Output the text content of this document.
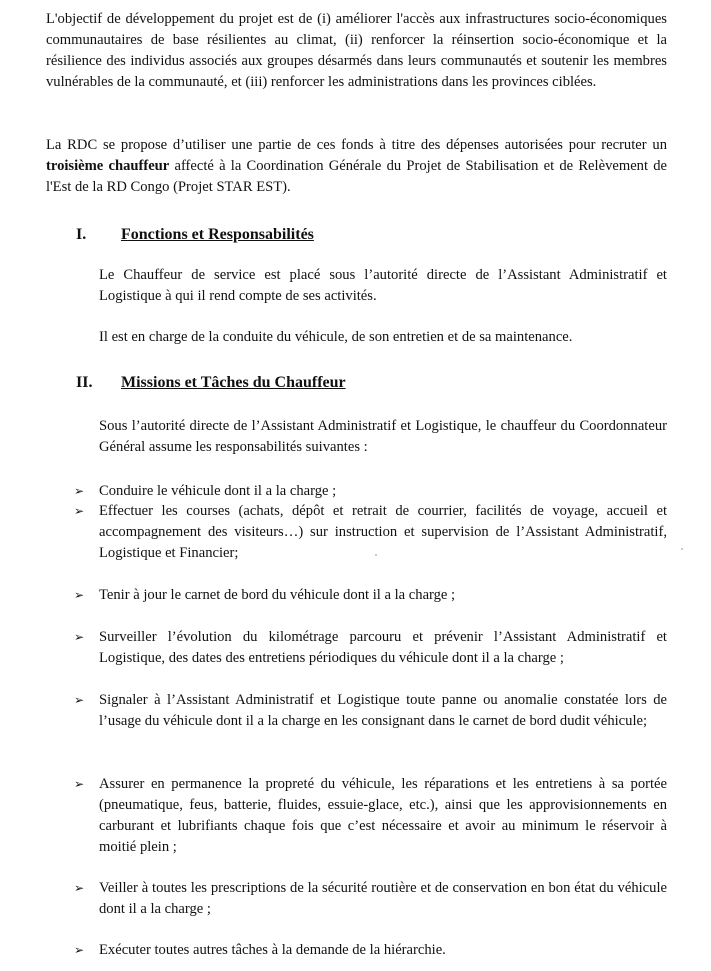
L'objectif de développement du projet est de (i) améliorer l'accès aux infrastructures socio-économiques communautaires de base résilientes au climat, (ii) renforcer la réinsertion socio-économique et la résilience des individus associés aux groupes désarmés dans leurs communautés et soutenir les membres vulnérables de la communauté, et (iii) renforcer les administrations dans les provinces ciblées.

La RDC se propose d’utiliser une partie de ces fonds à titre des dépenses autorisées pour recruter un troisième chauffeur affecté à la Coordination Générale du Projet de Stabilisation et de Relèvement de l'Est de la RD Congo (Projet STAR EST).

I. Fonctions et Responsabilités

Le Chauffeur de service est placé sous l’autorité directe de l’Assistant Administratif et Logistique à qui il rend compte de ses activités.

Il est en charge de la conduite du véhicule, de son entretien et de sa maintenance.

II. Missions et Tâches du Chauffeur

Sous l’autorité directe de l’Assistant Administratif et Logistique, le chauffeur du Coordonnateur Général assume les responsabilités suivantes :

➢ Conduire le véhicule dont il a la charge ;
➢ Effectuer les courses (achats, dépôt et retrait de courrier, facilités de voyage, accueil et accompagnement des visiteurs…) sur instruction et supervision de l’Assistant Administratif, Logistique et Financier;
➢ Tenir à jour le carnet de bord du véhicule dont il a la charge ;
➢ Surveiller l’évolution du kilométrage parcouru et prévenir l’Assistant Administratif et Logistique, des dates des entretiens périodiques du véhicule dont il a la charge ;
➢ Signaler à l’Assistant Administratif et Logistique toute panne ou anomalie constatée lors de l’usage du véhicule dont il a la charge en les consignant dans le carnet de bord dudit véhicule;
➢ Assurer en permanence la propreté du véhicule, les réparations et les entretiens à sa portée (pneumatique, feus, batterie, fluides, essuie-glace, etc.), ainsi que les approvisionnements en carburant et lubrifiants chaque fois que c’est nécessaire et avoir au minimum le réservoir à moitié plein ;
➢ Veiller à toutes les prescriptions de la sécurité routière et de conservation en bon état du véhicule dont il a la charge ;
➢ Exécuter toutes autres tâches à la demande de la hiérarchie.
